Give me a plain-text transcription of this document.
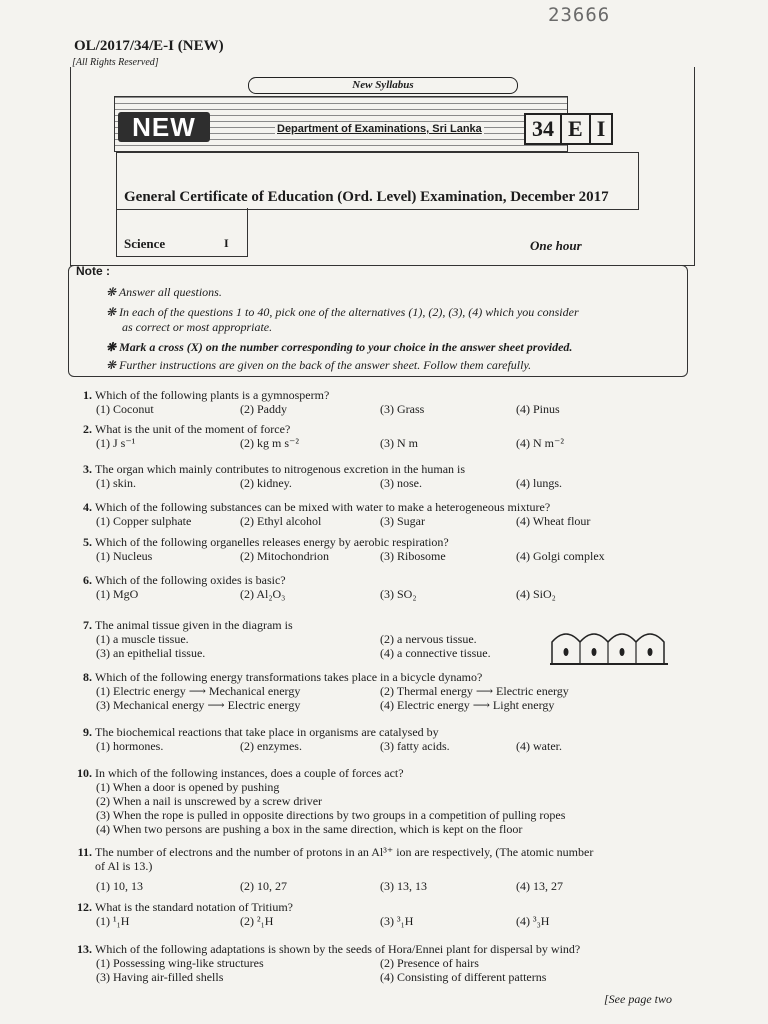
23666
OL/2017/34/E-I (NEW)
[All Rights Reserved]
New Syllabus
NEW	Department of Examinations, Sri Lanka 34 E I
General Certificate of Education (Ord. Level) Examination, December 2017
Science	I	One hour
Note :
❋ Answer all questions.
❋ In each of the questions 1 to 40, pick one of the alternatives (1), (2), (3), (4) which you consider
as correct or most appropriate.
❋ Mark a cross (X) on the number corresponding to your choice in the answer sheet provided.
❋ Further instructions are given on the back of the answer sheet. Follow them carefully.
1. Which of the following plants is a gymnosperm?
(1) Coconut	(2) Paddy	(3) Grass	(4) Pinus
2. What is the unit of the moment of force?
(1) J s⁻¹	(2) kg m s⁻²	(3) N m	(4) N m⁻²
3. The organ which mainly contributes to nitrogenous excretion in the human is
(1) skin.	(2) kidney.	(3) nose.	(4) lungs.
4. Which of the following substances can be mixed with water to make a heterogeneous mixture?
(1) Copper sulphate	(2) Ethyl alcohol	(3) Sugar	(4) Wheat flour
5. Which of the following organelles releases energy by aerobic respiration?
(1) Nucleus	(2) Mitochondrion	(3) Ribosome	(4) Golgi complex
6. Which of the following oxides is basic?
(1) MgO	(2) Al₂O₃	(3) SO₂	(4) SiO₂
7. The animal tissue given in the diagram is
(1) a muscle tissue.	(2) a nervous tissue.
(3) an epithelial tissue.	(4) a connective tissue.
8. Which of the following energy transformations takes place in a bicycle dynamo?
(1) Electric energy ⟶ Mechanical energy	(2) Thermal energy ⟶ Electric energy
(3) Mechanical energy ⟶ Electric energy	(4) Electric energy ⟶ Light energy
9. The biochemical reactions that take place in organisms are catalysed by
(1) hormones.	(2) enzymes.	(3) fatty acids.	(4) water.
10. In which of the following instances, does a couple of forces act?
(1) When a door is opened by pushing
(2) When a nail is unscrewed by a screw driver
(3) When the rope is pulled in opposite directions by two groups in a competition of pulling ropes
(4) When two persons are pushing a box in the same direction, which is kept on the floor
11. The number of electrons and the number of protons in an Al³⁺ ion are respectively, (The atomic number
of Al is 13.)
(1) 10, 13	(2) 10, 27	(3) 13, 13	(4) 13, 27
12. What is the standard notation of Tritium?
(1) ¹₁H	(2) ²₁H	(3) ³₁H	(4) ³₃H
13. Which of the following adaptations is shown by the seeds of Hora/Ennei plant for dispersal by wind?
(1) Possessing wing-like structures	(2) Presence of hairs
(3) Having air-filled shells	(4) Consisting of different patterns
[See page two
